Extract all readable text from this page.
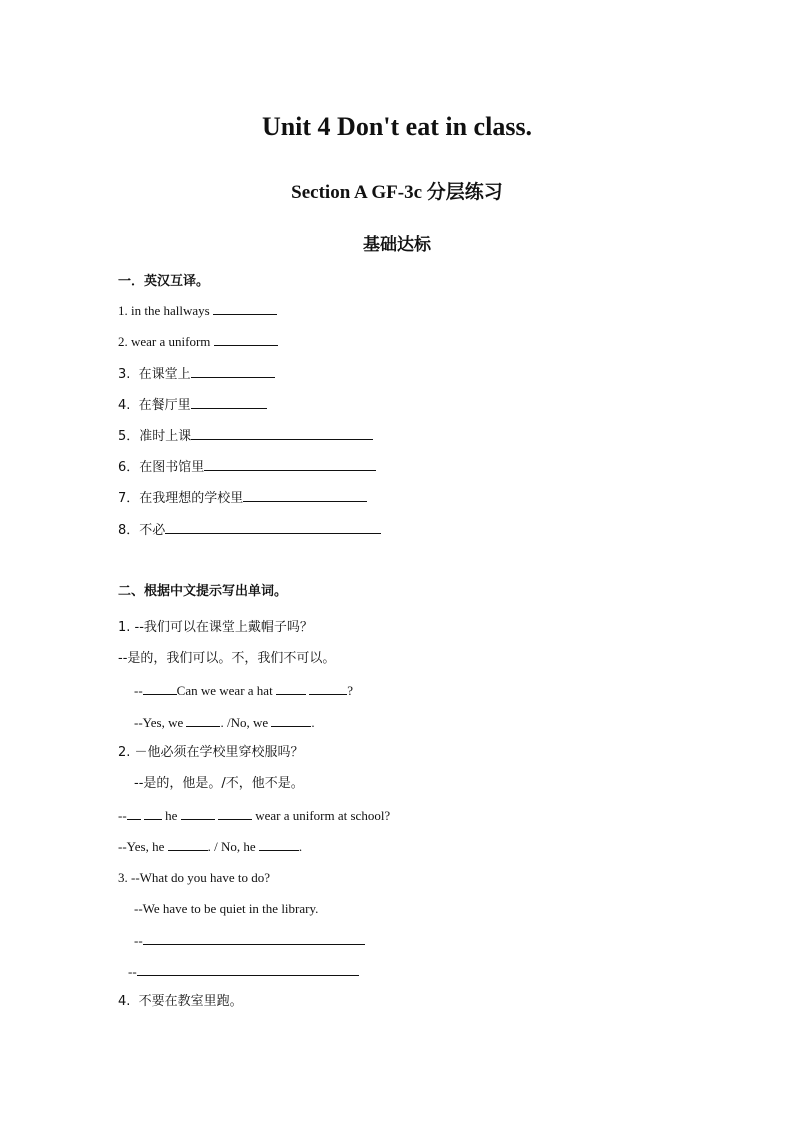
Unit 4 Don't eat in class.
Section A GF-3c 分层练习
基础达标

一．英汉互译。

1. in the hallways

2. wear a uniform

3.  在课堂上

4.  在餐厅里

5．准时上课

6．在图书馆里

7．在我理想的学校里

8．不必

二、根据中文提示写出单词。

1. --我们可以在课堂上戴帽子吗？

--是的，我们可以。不，我们不可以。

--	Can we wear a hat	?

--Yes, we	. /No, we	.

2. －他必须在学校里穿校服吗？

--是的，他是。/不，他不是。

--	he	wear a uniform at school?

--Yes, he	. / No, he	.

3. --What do you have to do?

--We have to be quiet in the library.

--

--

4.  不要在教室里跑。
